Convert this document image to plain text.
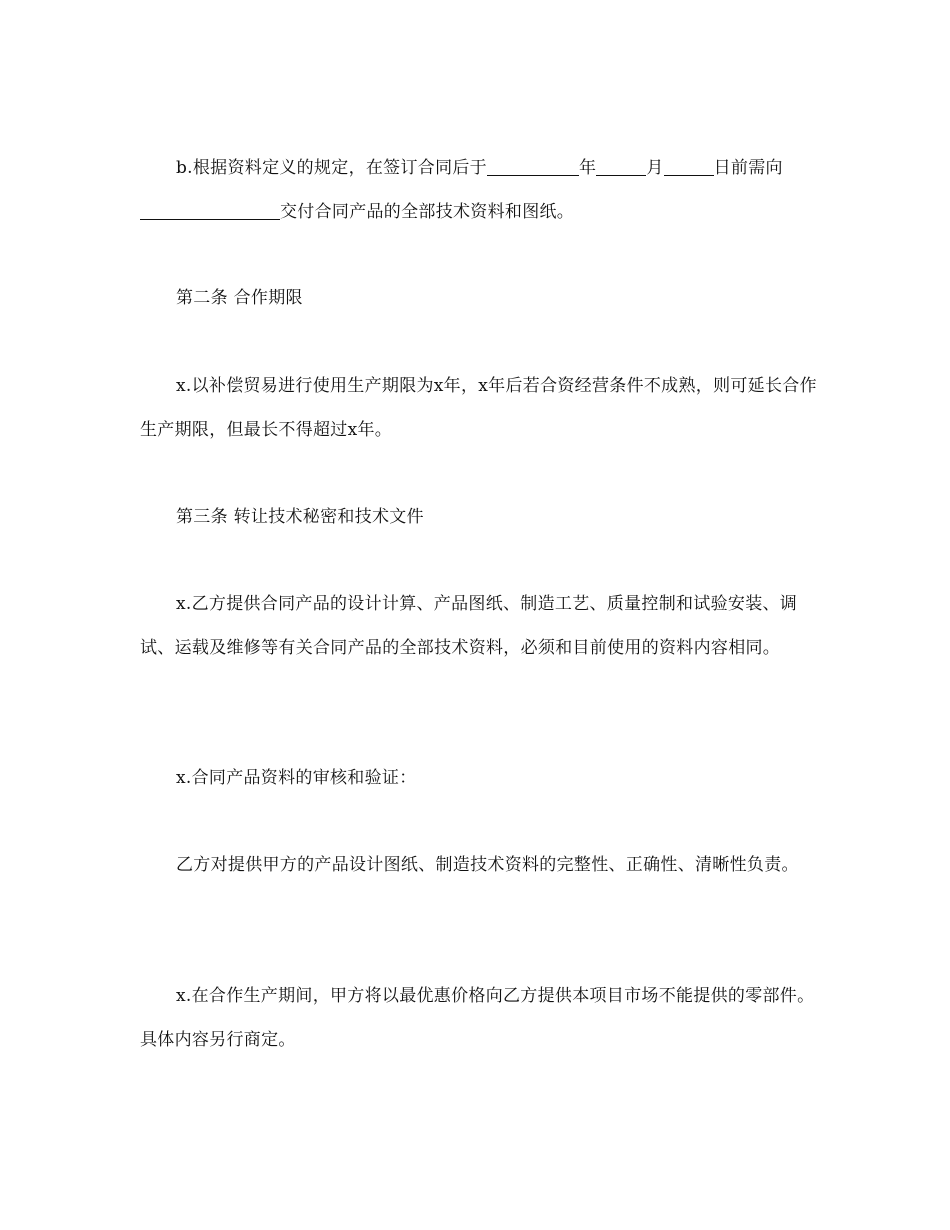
b.根据资料定义的规定，在签订合同后于	年	月	日前需向交付合同产品的全部技术资料和图纸。

第二条 合作期限

x.以补偿贸易进行使用生产期限为x年，x年后若合资经营条件不成熟，则可延长合作生产期限，但最长不得超过x年。

第三条 转让技术秘密和技术文件

x.乙方提供合同产品的设计计算、产品图纸、制造工艺、质量控制和试验安装、调试、运载及维修等有关合同产品的全部技术资料，必须和目前使用的资料内容相同。

x.合同产品资料的审核和验证：

乙方对提供甲方的产品设计图纸、制造技术资料的完整性、正确性、清晰性负责。

x.在合作生产期间，甲方将以最优惠价格向乙方提供本项目市场不能提供的零部件。具体内容另行商定。
